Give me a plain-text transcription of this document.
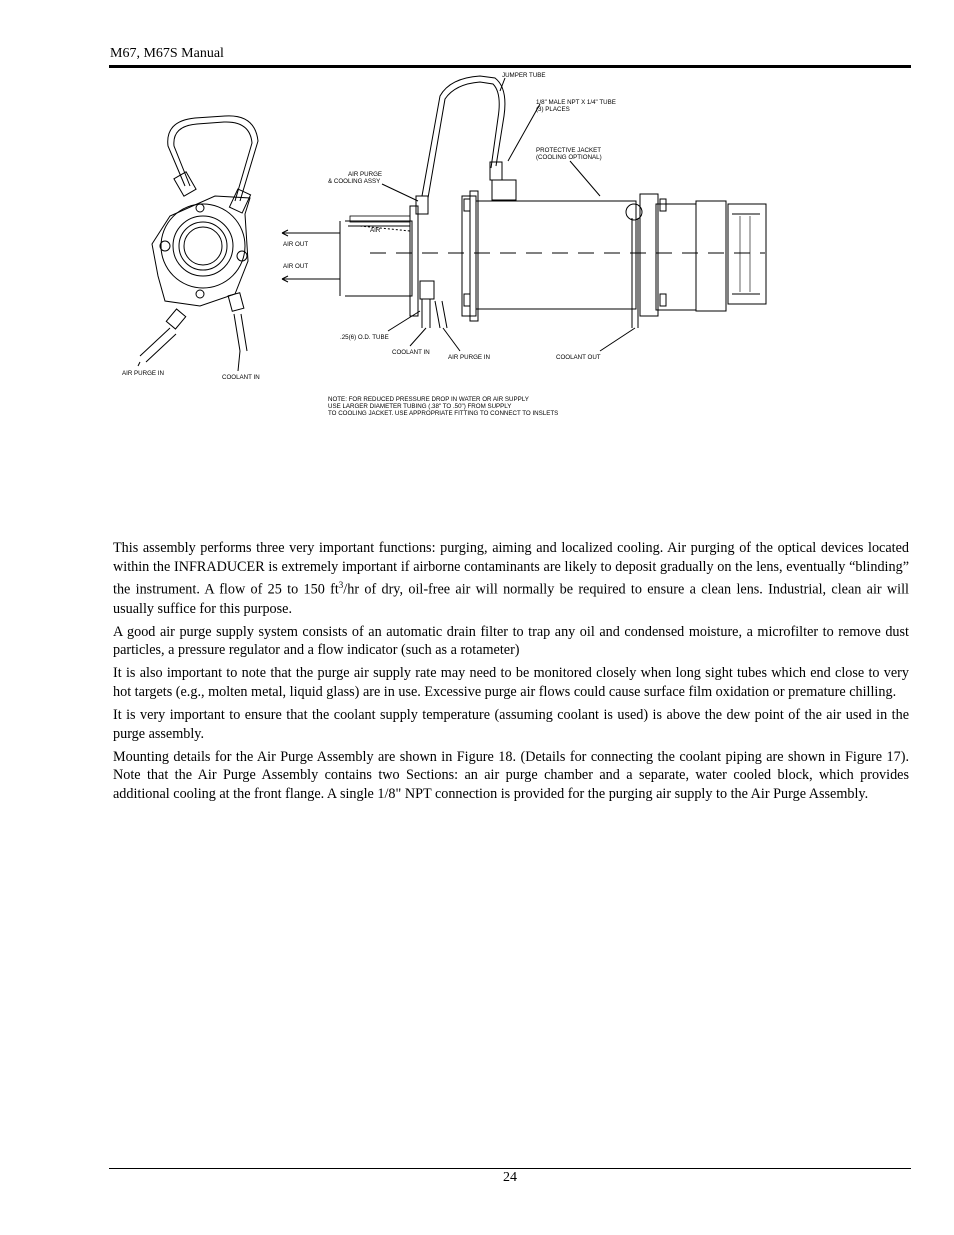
M67, M67S Manual
AIR PURGE IN
COOLANT IN
JUMPER TUBE
1/8" MALE NPT X 1/4" TUBE
(3) PLACES
PROTECTIVE JACKET
(COOLING OPTIONAL)
AIR PURGE
& COOLING ASSY
AIR
AIR OUT
AIR OUT
.25(6) O.D. TUBE
COOLANT IN
AIR PURGE IN	COOLANT OUT
NOTE: FOR REDUCED PRESSURE DROP IN WATER OR AIR SUPPLY
USE LARGER DIAMETER TUBING (.38" TO .50") FROM SUPPLY
TO COOLING JACKET. USE APPROPRIATE FITTING TO CONNECT TO INSLETS

This assembly performs three very important functions: purging, aiming and localized cooling. Air purging of the optical devices located within the INFRADUCER is extremely important if airborne contaminants are likely to deposit gradually on the lens, eventually “blinding” the instrument. A flow of 25 to 150 $ft^3/hr$ of dry, oil-free air will normally be required to ensure a clean lens. Industrial, clean air will usually suffice for this purpose.

A good air purge supply system consists of an automatic drain filter to trap any oil and condensed moisture, a microfilter to remove dust particles, a pressure regulator and a flow indicator (such as a rotameter)

It is also important to note that the purge air supply rate may need to be monitored closely when long sight tubes which end close to very hot targets (e.g., molten metal, liquid glass) are in use. Excessive purge air flows could cause surface film oxidation or premature chilling.

It is very important to ensure that the coolant supply temperature (assuming coolant is used) is above the dew point of the air used in the purge assembly.

Mounting details for the Air Purge Assembly are shown in Figure 18. (Details for connecting the coolant piping are shown in Figure 17). Note that the Air Purge Assembly contains two Sections: an air purge chamber and a separate, water cooled block, which provides additional cooling at the front flange. A single 1/8" NPT connection is provided for the purging air supply to the Air Purge Assembly.

24
